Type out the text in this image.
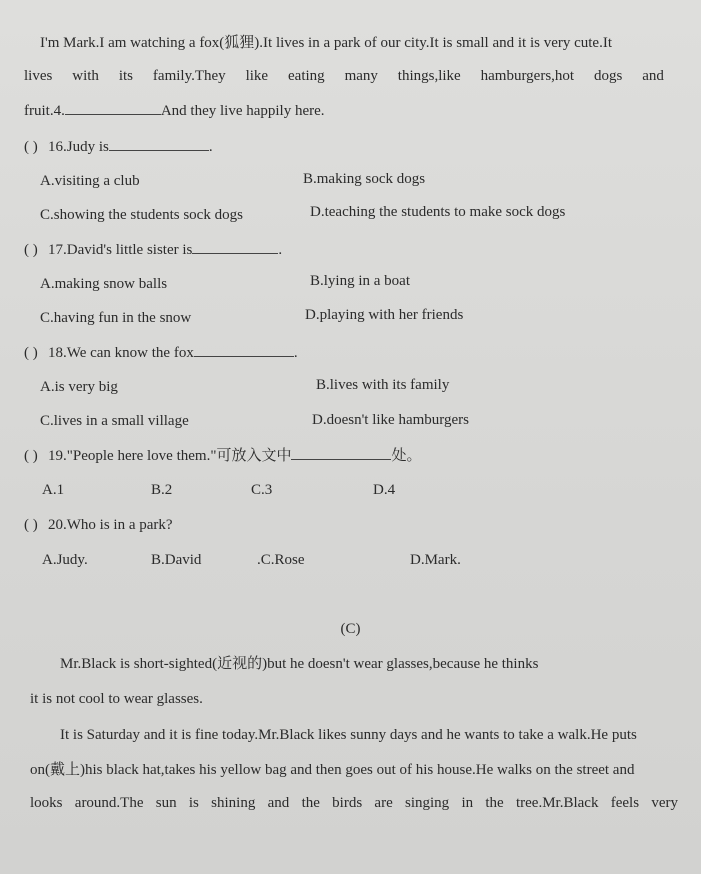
I'm Mark.I am watching a fox(狐狸).It lives in a park of our city.It is small and it is very cute.It
lives with its family.They like eating many things,like hamburgers,hot dogs and
fruit.4.	And they live happily here.
( ) 16.Judy is	.
A.visiting a club	B.making sock dogs
C.showing the students sock dogs	D.teaching the students to make sock dogs
( ) 17.David's little sister is	.
A.making snow balls	B.lying in a boat
C.having fun in the snow	D.playing with her friends
( ) 18.We can know the fox	.
A.is very big	B.lives with its family
C.lives in a small village	D.doesn't like hamburgers
( ) 19."People here love them."可放入文中	处。
A.1	B.2	C.3	D.4
( ) 20.Who is in a park?
A.Judy.	B.David	.C.Rose	D.Mark.
(C)
Mr.Black is short-sighted(近视的)but he doesn't wear glasses,because he thinks
it is not cool to wear glasses.
It is Saturday and it is fine today.Mr.Black likes sunny days and he wants to take a walk.He puts
on(戴上)his black hat,takes his yellow bag and then goes out of his house.He walks on the street and
looks around.The sun is shining and the birds are singing in the tree.Mr.Black feels very
